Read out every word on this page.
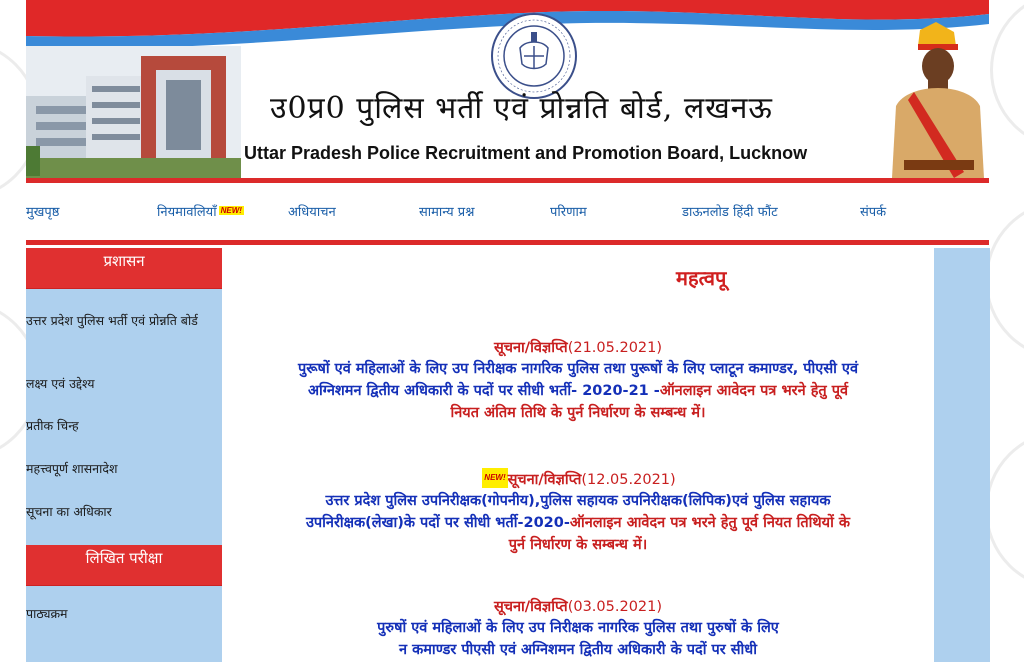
उ0प्र0 पुलिस भर्ती एवं प्रोन्नति बोर्ड, लखनऊ
Uttar Pradesh Police Recruitment and Promotion Board, Lucknow
मुखपृष्ठ	नियमावलियाँ NEW!	अधियाचन	सामान्य प्रश्न	परिणाम	डाऊनलोड हिंदी फौंट	संपर्क
प्रशासन
उत्तर प्रदेश पुलिस भर्ती एवं प्रोन्नति बोर्ड
लक्ष्य एवं उद्देश्य
प्रतीक चिन्ह
महत्त्वपूर्ण शासनादेश
सूचना का अधिकार
लिखित परीक्षा
पाठ्यक्रम
महत्वपू
सूचना/विज्ञप्ति(21.05.2021)
पुरूषों एवं महिलाओं के लिए उप निरीक्षक नागरिक पुलिस तथा पुरूषों के लिए प्लाटून कमाण्डर, पीएसी एवं अग्निशमन द्वितीय अधिकारी के पदों पर सीधी भर्ती- 2020-21 -ऑनलाइन आवेदन पत्र भरने हेतु पूर्व नियत अंतिम तिथि के पुर्न निर्धारण के सम्बन्ध में।
NEW! सूचना/विज्ञप्ति(12.05.2021)
उत्तर प्रदेश पुलिस उपनिरीक्षक(गोपनीय),पुलिस सहायक उपनिरीक्षक(लिपिक)एवं पुलिस सहायक उपनिरीक्षक(लेखा)के पदों पर सीधी भर्ती-2020-ऑनलाइन आवेदन पत्र भरने हेतु पूर्व नियत तिथियों के पुर्न निर्धारण के सम्बन्ध में।
सूचना/विज्ञप्ति(03.05.2021)
पुरुषों एवं महिलाओं के लिए उप निरीक्षक नागरिक पुलिस तथा पुरुषों के लिए
न कमाण्डर पीएसी एवं अग्निशमन द्वितीय अधिकारी के पदों पर सीधी
